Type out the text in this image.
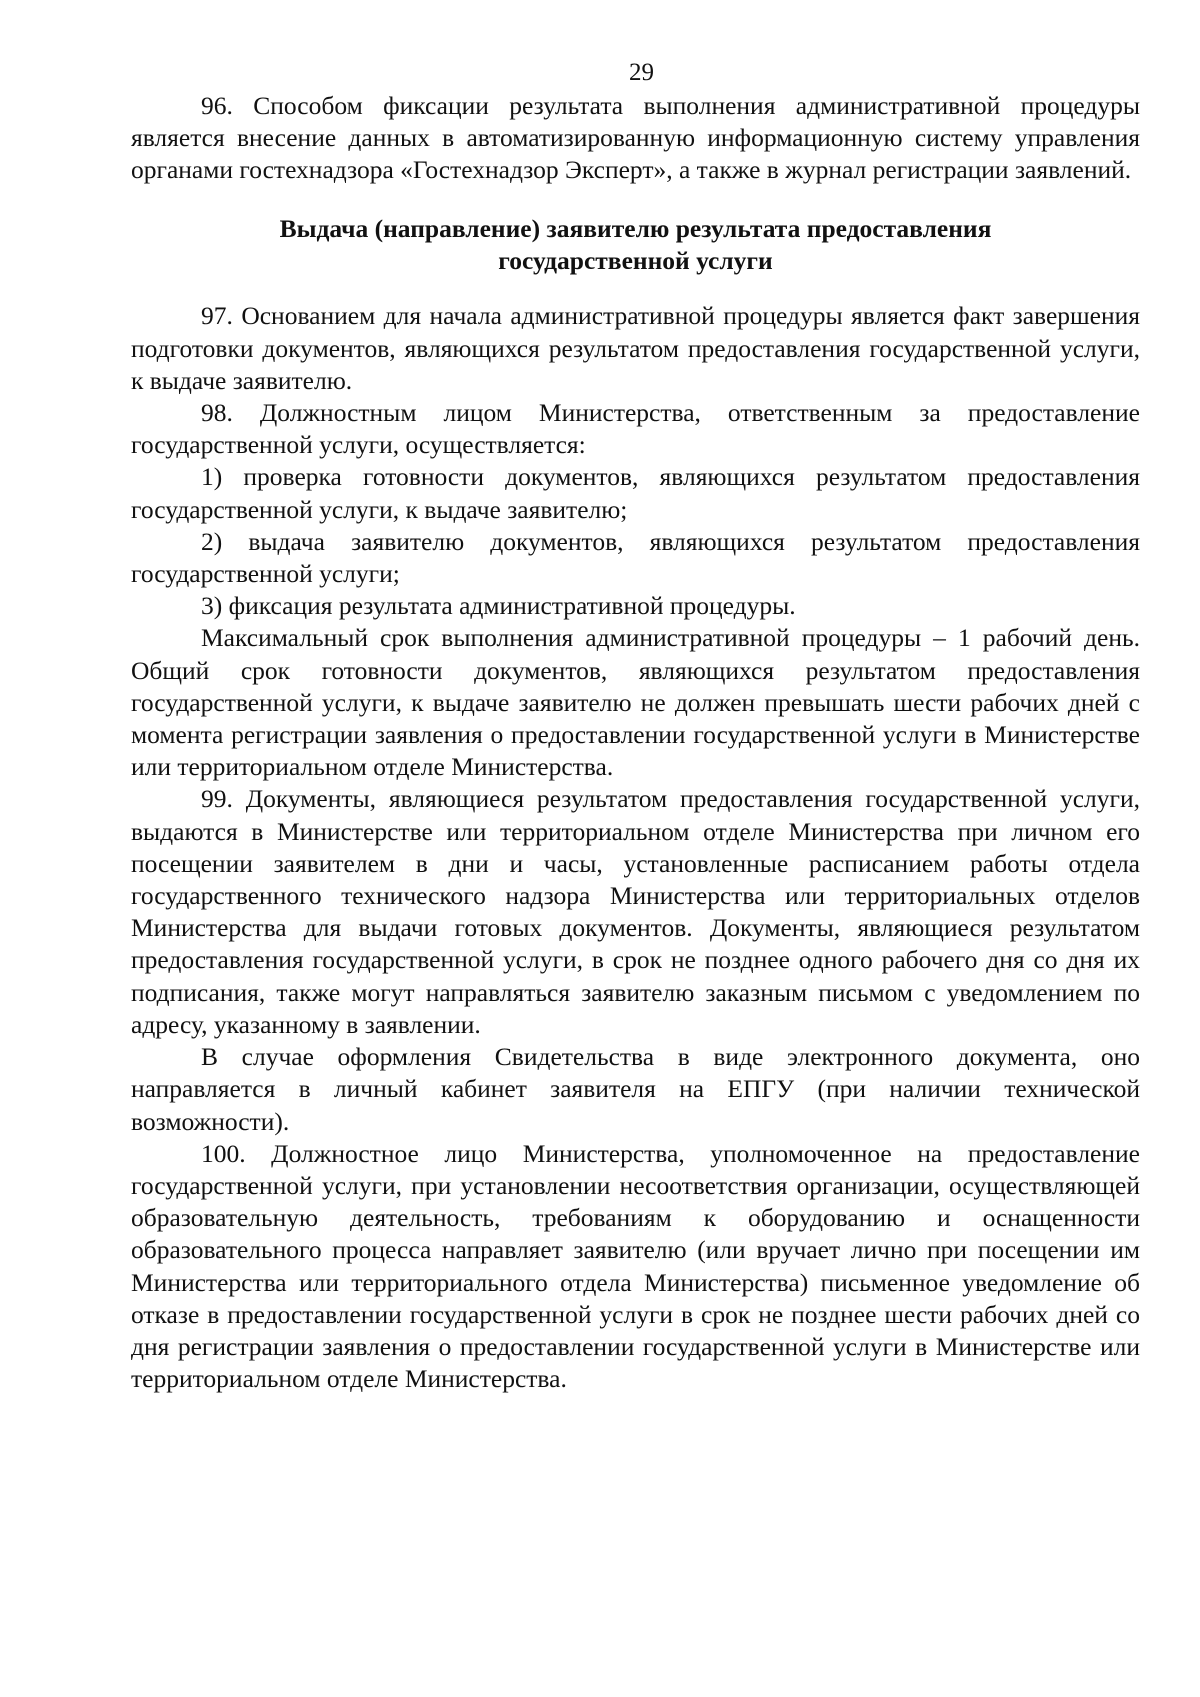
29

96. Способом фиксации результата выполнения административной процедуры является внесение данных в автоматизированную информационную систему управления органами гостехнадзора «Гостехнадзор Эксперт», а также в журнал регистрации заявлений.

Выдача (направление) заявителю результата предоставления
государственной услуги

97. Основанием для начала административной процедуры является факт завершения подготовки документов, являющихся результатом предоставления государственной услуги, к выдаче заявителю.

98. Должностным лицом Министерства, ответственным за предоставление государственной услуги, осуществляется:

1) проверка готовности документов, являющихся результатом предоставления государственной услуги, к выдаче заявителю;

2) выдача заявителю документов, являющихся результатом предоставления государственной услуги;

3) фиксация результата административной процедуры.

Максимальный срок выполнения административной процедуры – 1 рабочий день. Общий срок готовности документов, являющихся результатом предоставления государственной услуги, к выдаче заявителю не должен превышать шести рабочих дней с момента регистрации заявления о предоставлении государственной услуги в Министерстве или территориальном отделе Министерства.

99. Документы, являющиеся результатом предоставления государственной услуги, выдаются в Министерстве или территориальном отделе Министерства при личном его посещении заявителем в дни и часы, установленные расписанием работы отдела государственного технического надзора Министерства или территориальных отделов Министерства для выдачи готовых документов. Документы, являющиеся результатом предоставления государственной услуги, в срок не позднее одного рабочего дня со дня их подписания, также могут направляться заявителю заказным письмом с уведомлением по адресу, указанному в заявлении.

В случае оформления Свидетельства в виде электронного документа, оно направляется в личный кабинет заявителя на ЕПГУ (при наличии технической возможности).

100. Должностное лицо Министерства, уполномоченное на предоставление государственной услуги, при установлении несоответствия организации, осуществляющей образовательную деятельность, требованиям к оборудованию и оснащенности образовательного процесса направляет заявителю (или вручает лично при посещении им Министерства или территориального отдела Министерства) письменное уведомление об отказе в предоставлении государственной услуги в срок не позднее шести рабочих дней со дня регистрации заявления о предоставлении государственной услуги в Министерстве или территориальном отделе Министерства.
